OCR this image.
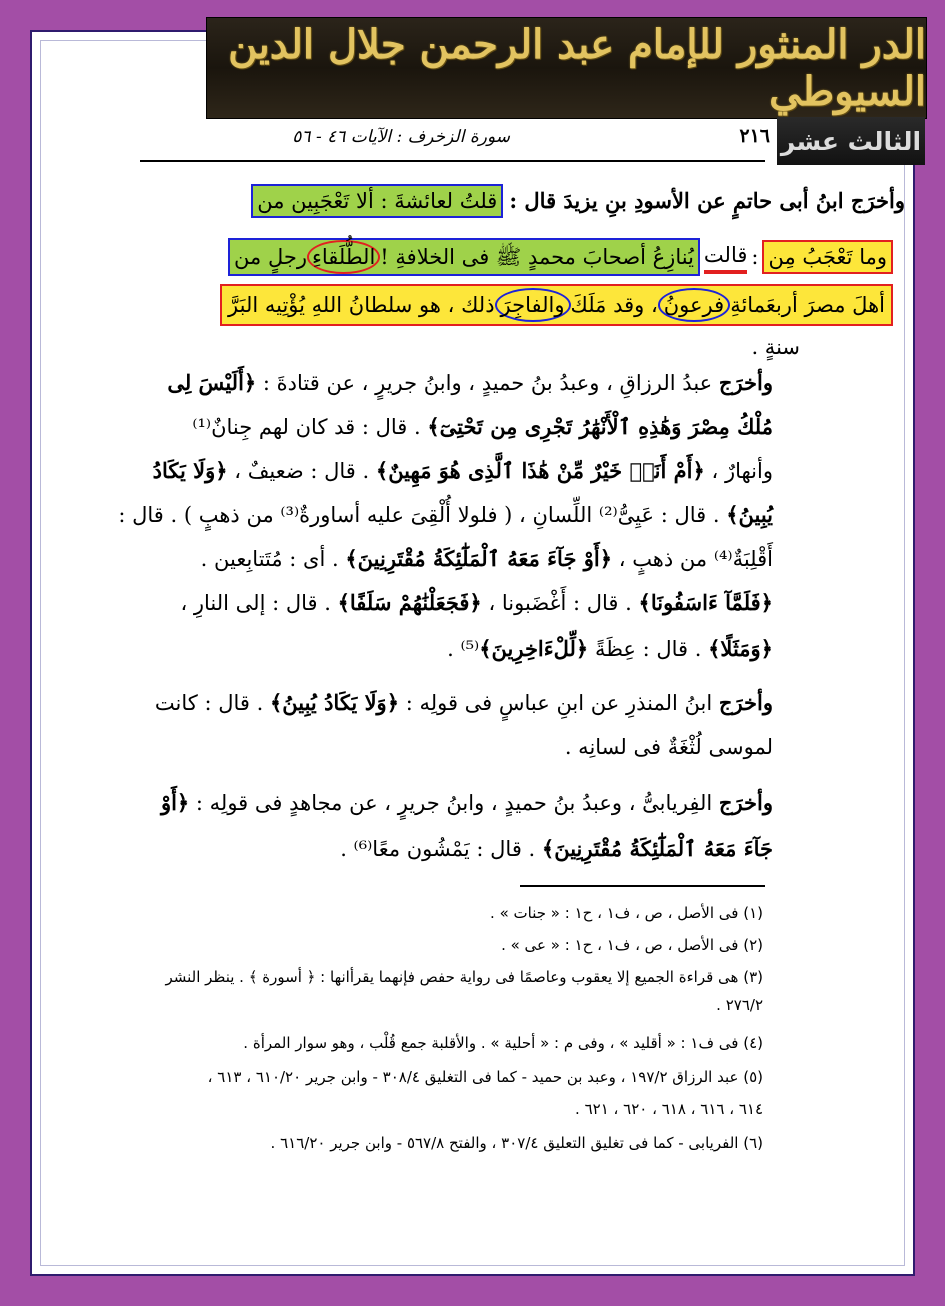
الدر المنثور للإمام عبد الرحمن جلال الدين السيوطي
الثالث عشر
٢١٦
سورة الزخرف : الآيات ٤٦ - ٥٦
وأخرَج ابنُ أبى حاتمٍ عن الأسودِ بنِ يزيدَ قال :
قلتُ لعائشةَ : ألا تَعْجَبِين من
وما تَعْجَبُ مِن
:
قالت
يُنازِعُ أصحابَ محمدٍ ﷺ فى الخلافةِ !
الطُّلَقاءِ
رجلٍ من
أهلَ مصرَ أربعَمائةِ
فرعونُ
، وقد مَلَكَ
والفاجِرَ
ذلك ، هو سلطانُ اللهِ يُؤْتِيه البَرَّ
سنةٍ .
وأخرَج

عبدُ الرزاقِ ، وعبدُ بنُ حميدٍ ، وابنُ جريرٍ ، عن قتادةَ :

﴿أَلَيْسَ لِى
مُلْكُ مِصْرَ وَهَٰذِهِ ٱلْأَنْهَٰرُ تَجْرِى مِن تَحْتِىٓ﴾

. قال : قد كان لهم جِنانٌ⁽¹⁾
وأنهارٌ ،

﴿أَمْ أَنَا۠ خَيْرٌ مِّنْ هَٰذَا ٱلَّذِى هُوَ مَهِينٌ﴾

. قال : ضعيفٌ ،

﴿وَلَا يَكَادُ
يُبِينُ﴾

. قال : عَيِىُّ⁽²⁾ اللِّسانِ ، ( فلولا أُلْقِىَ عليه أساورةٌ⁽³⁾ من ذهبٍ ) . قال :
أَقْلِبَةٌ⁽⁴⁾ من ذهبٍ ،

﴿أَوْ جَآءَ مَعَهُ ٱلْمَلَٰٓئِكَةُ مُقْتَرِنِينَ﴾

. أى : مُتَتابِعين .
﴿فَلَمَّآ ءَاسَفُونَا﴾

. قال : أَغْضَبونا ،

﴿فَجَعَلْنَٰهُمْ سَلَفًا﴾

. قال : إلى النارِ ،
﴿وَمَثَلًا﴾

. قال : عِظَةً

﴿لِّلْءَاخِرِينَ﴾
⁽⁵⁾ .
وأخرَج

ابنُ المنذرِ عن ابنِ عباسٍ فى قولِه :

﴿وَلَا يَكَادُ يُبِينُ﴾

. قال : كانت
لموسى لُثْغَةٌ فى لسانِه .
وأخرَج

الفِريابىُّ ، وعبدُ بنُ حميدٍ ، وابنُ جريرٍ ، عن مجاهدٍ فى قولِه :

﴿أَوْ
جَآءَ مَعَهُ ٱلْمَلَٰٓئِكَةُ مُقْتَرِنِينَ﴾

. قال : يَمْشُون معًا⁽⁶⁾ .
(١) فى الأصل ، ص ، ف١ ، ح١ : « جنات » .
(٢) فى الأصل ، ص ، ف١ ، ح١ : « عى » .
(٣) هى قراءة الجميع إلا يعقوب وعاصمًا فى رواية حفص فإنهما يقرأانها : ﴿ أسورة ﴾ . ينظر النشر
٢٧٦/٢ .
(٤) فى ف١ : « أقليد » ، وفى م : « أحلية » . والأقلبة جمع قُلْب ، وهو سوار المرأة .
(٥) عبد الرزاق ١٩٧/٢ ، وعبد بن حميد - كما فى التغليق ٣٠٨/٤ - وابن جرير ٦١٠/٢٠ ، ٦١٣ ،
٦١٤ ، ٦١٦ ، ٦١٨ ، ٦٢٠ ، ٦٢١ .
(٦) الفريابى - كما فى تغليق التعليق ٣٠٧/٤ ، والفتح ٥٦٧/٨ - وابن جرير ٦١٦/٢٠ .
